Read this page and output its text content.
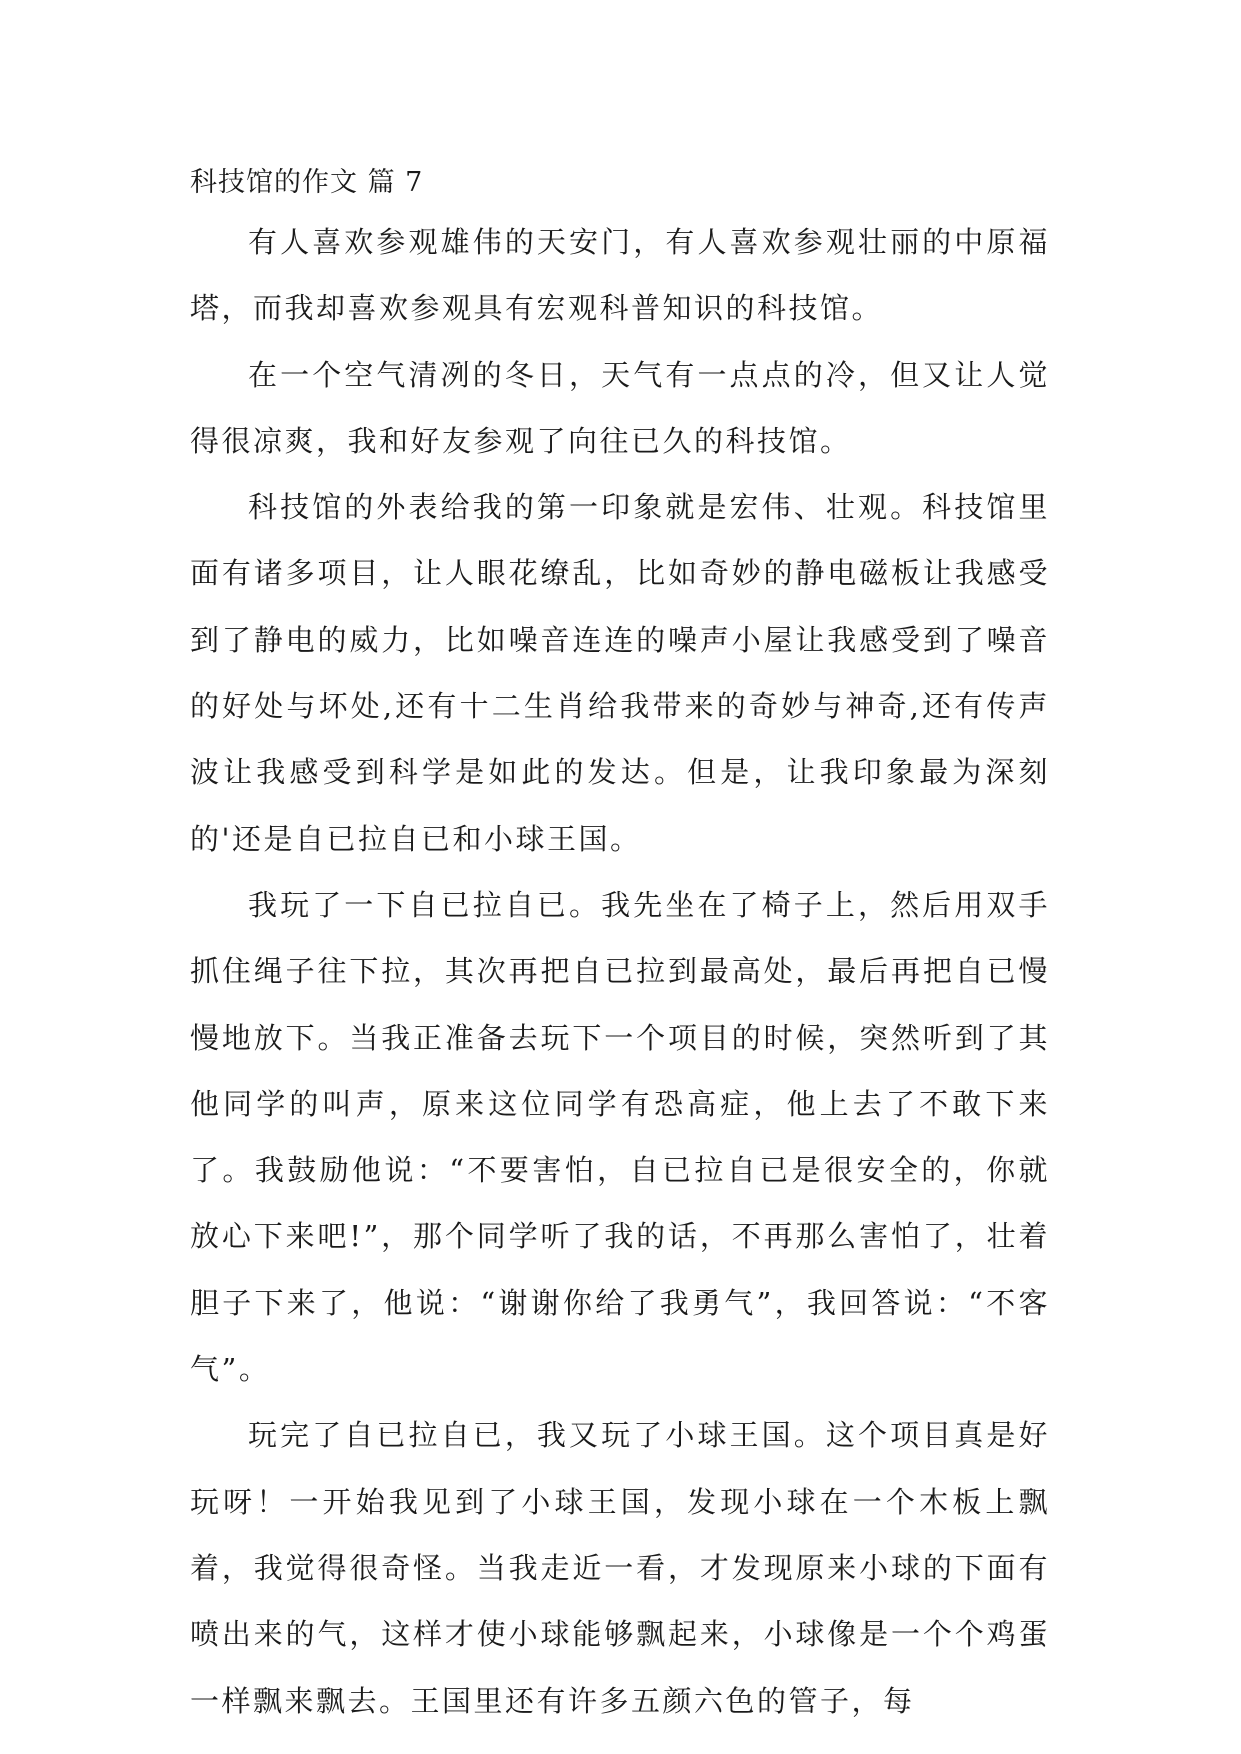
科技馆的作文 篇 7

有人喜欢参观雄伟的天安门，有人喜欢参观壮丽的中原福塔，而我却喜欢参观具有宏观科普知识的科技馆。

在一个空气清冽的冬日，天气有一点点的冷，但又让人觉得很凉爽，我和好友参观了向往已久的科技馆。

科技馆的外表给我的第一印象就是宏伟、壮观。科技馆里面有诸多项目，让人眼花缭乱，比如奇妙的静电磁板让我感受到了静电的威力，比如噪音连连的噪声小屋让我感受到了噪音的好处与坏处,还有十二生肖给我带来的奇妙与神奇,还有传声波让我感受到科学是如此的发达。但是，让我印象最为深刻的'还是自已拉自已和小球王国。

我玩了一下自已拉自已。我先坐在了椅子上，然后用双手抓住绳子往下拉，其次再把自已拉到最高处，最后再把自已慢慢地放下。当我正准备去玩下一个项目的时候，突然听到了其他同学的叫声，原来这位同学有恐高症，他上去了不敢下来了。我鼓励他说：“不要害怕，自已拉自已是很安全的，你就放心下来吧!”，那个同学听了我的话，不再那么害怕了，壮着胆子下来了，他说：“谢谢你给了我勇气”，我回答说：“不客气”。

玩完了自已拉自已，我又玩了小球王国。这个项目真是好玩呀！一开始我见到了小球王国，发现小球在一个木板上飘着，我觉得很奇怪。当我走近一看，才发现原来小球的下面有喷出来的气，这样才使小球能够飘起来，小球像是一个个鸡蛋一样飘来飘去。王国里还有许多五颜六色的管子，每
